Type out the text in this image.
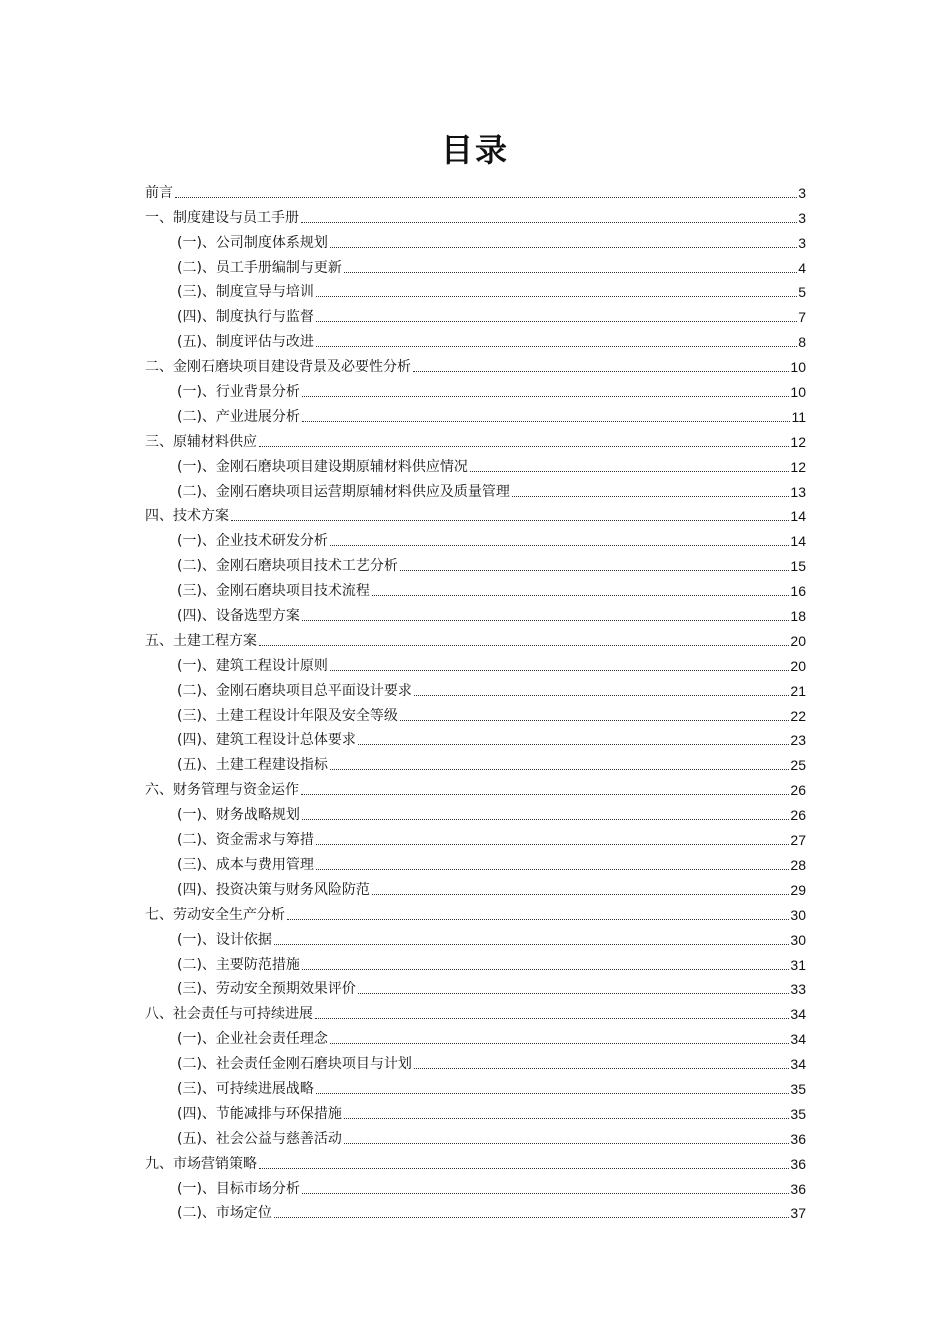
目录
前言	3
一、制度建设与员工手册	3
(一)、公司制度体系规划	3
(二)、员工手册编制与更新	4
(三)、制度宣导与培训	5
(四)、制度执行与监督	7
(五)、制度评估与改进	8
二、金刚石磨块项目建设背景及必要性分析	10
(一)、行业背景分析	10
(二)、产业进展分析	11
三、原辅材料供应	12
(一)、金刚石磨块项目建设期原辅材料供应情况	12
(二)、金刚石磨块项目运营期原辅材料供应及质量管理	13
四、技术方案	14
(一)、企业技术研发分析	14
(二)、金刚石磨块项目技术工艺分析	15
(三)、金刚石磨块项目技术流程	16
(四)、设备选型方案	18
五、土建工程方案	20
(一)、建筑工程设计原则	20
(二)、金刚石磨块项目总平面设计要求	21
(三)、土建工程设计年限及安全等级	22
(四)、建筑工程设计总体要求	23
(五)、土建工程建设指标	25
六、财务管理与资金运作	26
(一)、财务战略规划	26
(二)、资金需求与筹措	27
(三)、成本与费用管理	28
(四)、投资决策与财务风险防范	29
七、劳动安全生产分析	30
(一)、设计依据	30
(二)、主要防范措施	31
(三)、劳动安全预期效果评价	33
八、社会责任与可持续进展	34
(一)、企业社会责任理念	34
(二)、社会责任金刚石磨块项目与计划	34
(三)、可持续进展战略	35
(四)、节能减排与环保措施	35
(五)、社会公益与慈善活动	36
九、市场营销策略	36
(一)、目标市场分析	36
(二)、市场定位	37
